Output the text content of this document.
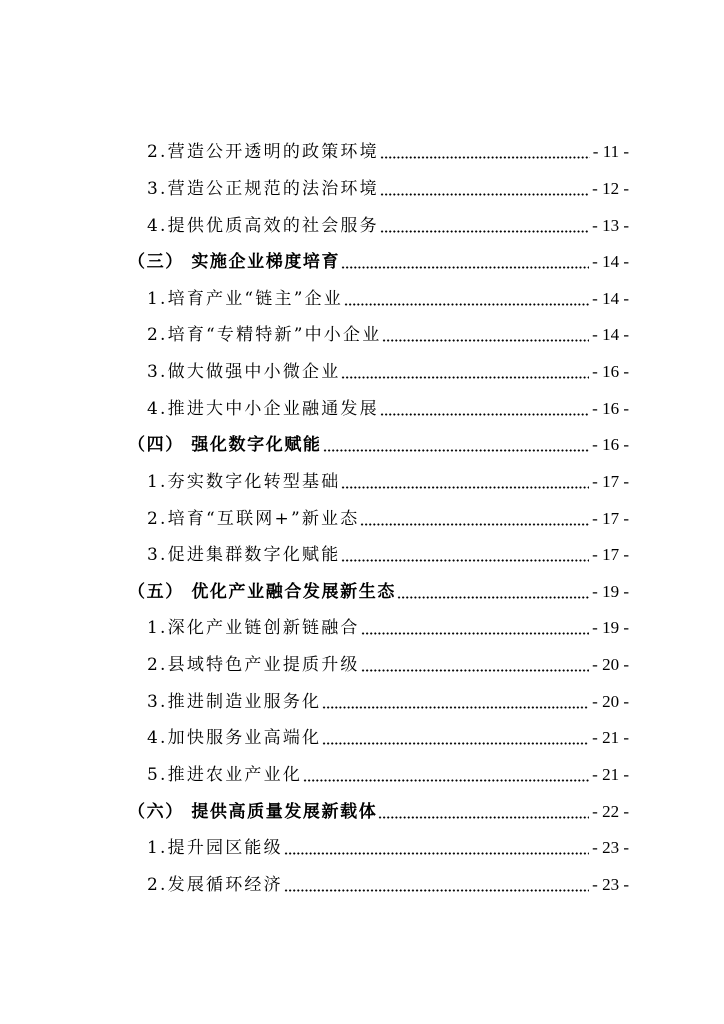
2.营造公开透明的政策环境	- 11 -
3.营造公正规范的法治环境	- 12 -
4.提供优质高效的社会服务	- 13 -
（三） 实施企业梯度培育	- 14 -
1.培育产业“链主”企业	- 14 -
2.培育“专精特新”中小企业	- 14 -
3.做大做强中小微企业	- 16 -
4.推进大中小企业融通发展	- 16 -
（四） 强化数字化赋能	- 16 -
1.夯实数字化转型基础	- 17 -
2.培育“互联网+”新业态	- 17 -
3.促进集群数字化赋能	- 17 -
（五） 优化产业融合发展新生态	- 19 -
1.深化产业链创新链融合	- 19 -
2.县域特色产业提质升级	- 20 -
3.推进制造业服务化	- 20 -
4.加快服务业高端化	- 21 -
5.推进农业产业化	- 21 -
（六） 提供高质量发展新载体	- 22 -
1.提升园区能级	- 23 -
2.发展循环经济	- 23 -
